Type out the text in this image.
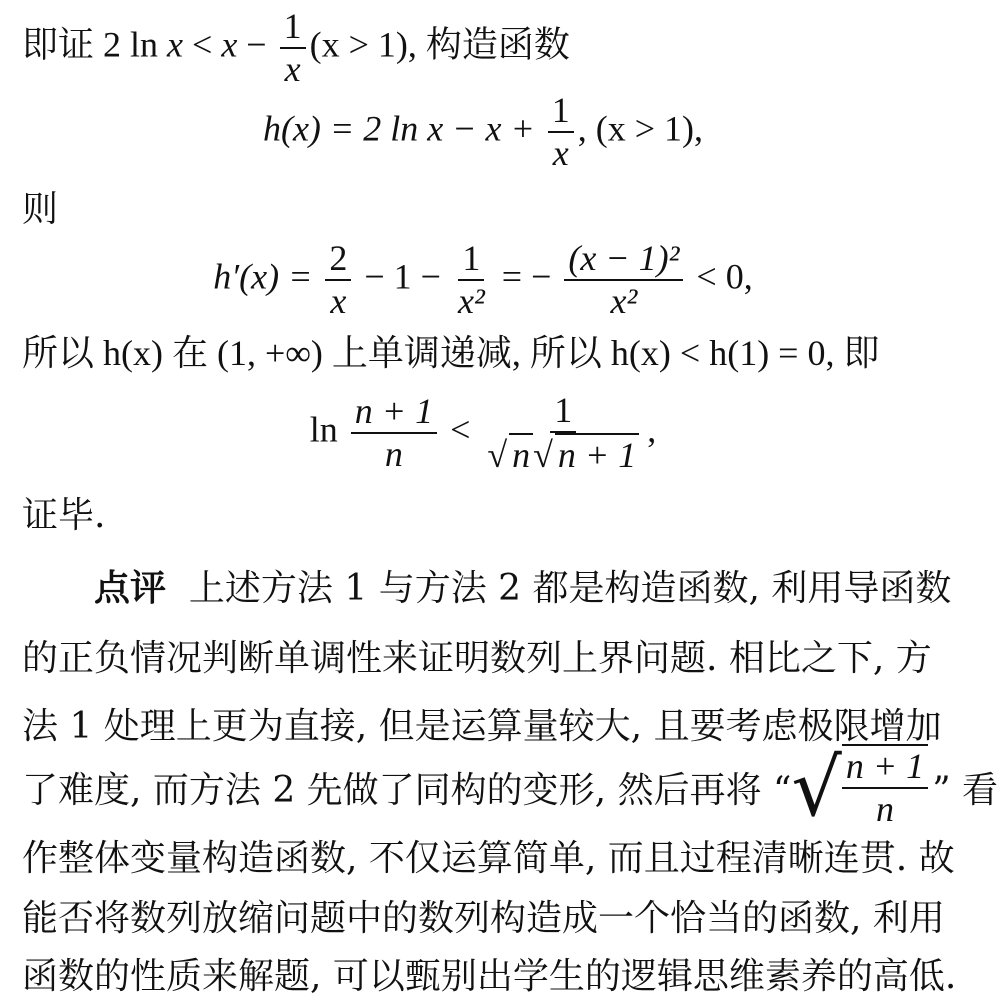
即证 2 $\ln x < x - \frac{1}{x} (x > 1)$, 构造函数
h(x) = 2 $\ln x - x + \frac{1}{x}$ , (x > 1),
则
$h'(x) = \frac{2}{x} - 1 - \frac{1}{\text{x²}}$ = − $\frac{\text{(x − 1)²}}{\text{x²}} < 0$,
所以 h(x) 在 (1, +∞) 上单调递减, 所以 h(x) < h(1) = 0, 即
$\ln \frac{n + 1}{n} < \frac{1}{√ n√ n + 1}$ ,
证毕.
点评 上述方法 1 与方法 2 都是构造函数, 利用导函数
的正负情况判断单调性来证明数列上界问题. 相比之下, 方
法 1 处理上更为直接, 但是运算量较大, 且要考虑极限增加
了难度, 而方法 2 先做了同构的变形, 然后再将 “√ $\frac{n + 1}{n}$ ” 看
作整体变量构造函数, 不仅运算简单, 而且过程清晰连贯. 故
能否将数列放缩问题中的数列构造成一个恰当的函数, 利用
函数的性质来解题, 可以甄别出学生的逻辑思维素养的高低.
